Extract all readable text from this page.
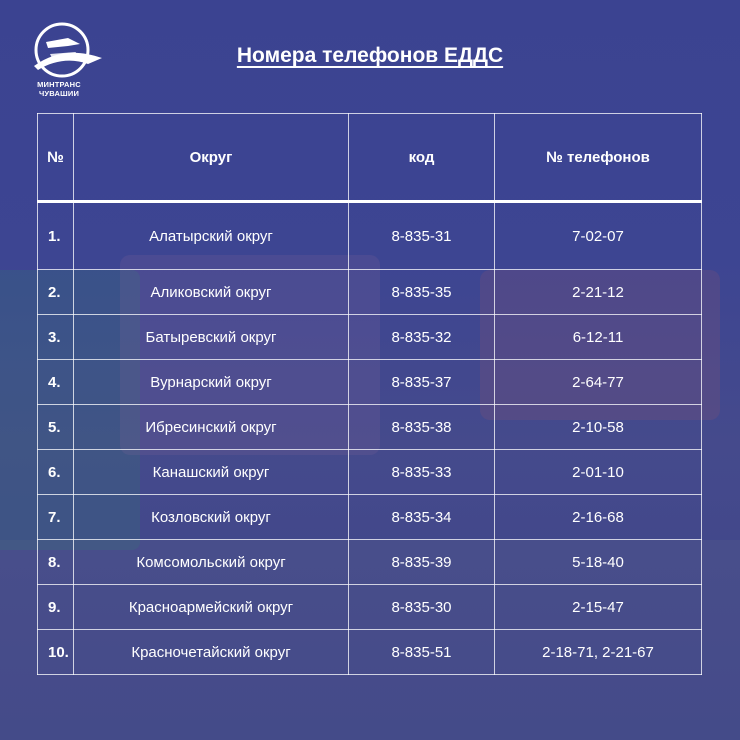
МИНТРАНС
ЧУВАШИИ
Номера телефонов ЕДДС
№	Округ	код	№ телефонов
1.	Алатырский округ	8-835-31	7-02-07
2.	Аликовский округ	8-835-35	2-21-12
3.	Батыревский округ	8-835-32	6-12-11
4.	Вурнарский округ	8-835-37	2-64-77
5.	Ибресинский округ	8-835-38	2-10-58
6.	Канашский округ	8-835-33	2-01-10
7.	Козловский округ	8-835-34	2-16-68
8.	Комсомольский округ	8-835-39	5-18-40
9.	Красноармейский округ	8-835-30	2-15-47
10.	Красночетайский округ	8-835-51	2-18-71, 2-21-67
